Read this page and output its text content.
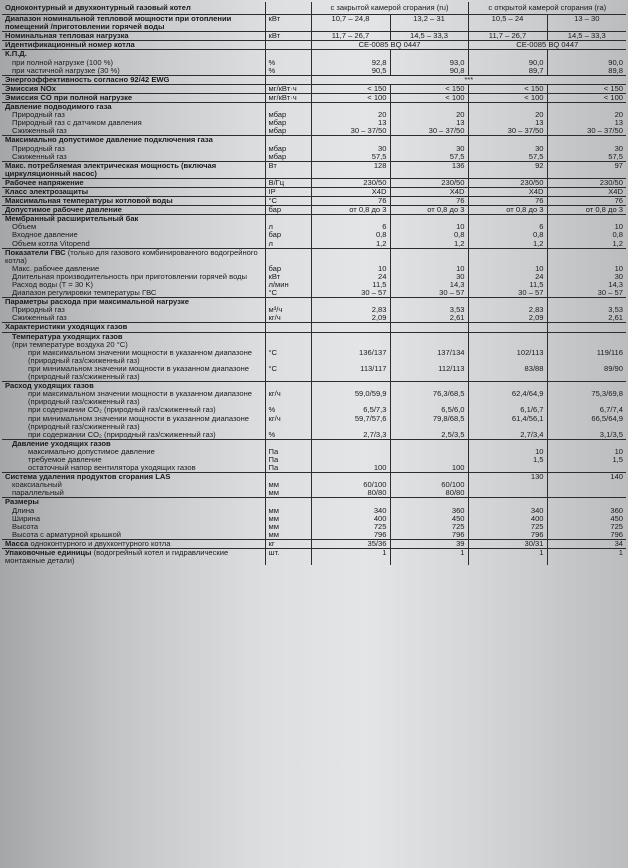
Одноконтурный и двухконтурный газовый котел		с закрытой камерой сгорания (ru)		с открытой камерой сгорания (ra)	
Диапазон номинальной тепловой мощности при отоплении помещений /приготовлении горячей воды	кВт	10,7 – 24,8	13,2 – 31	10,5 – 24	13 – 30
Номинальная тепловая нагрузка	кВт	11,7 – 26,7	14,5 – 33,3	11,7 – 26,7	14,5 – 33,3
Идентификационный номер котла		CE-0085 BQ 0447		CE-0085 BQ 0447	
К.П.Д.					
при полной нагрузке (100 %)	%	92,8	93,0	90,0	90,0
при частичной нагрузке (30 %)	%	90,5	90,8	89,7	89,8
Энергоэффективность согласно 92/42 EWG		***			
Эмиссия NOx	мг/кВт·ч	< 150	< 150	< 150	< 150
Эмиссия CO при полной нагрузке	мг/кВт·ч	< 100	< 100	< 100	< 100
Давление подводимого газа					
Природный газ	мбар	20	20	20	20
Природный газ с датчиком давления	мбар	13	13	13	13
Сжиженный газ	мбар	30 – 37/50	30 – 37/50	30 – 37/50	30 – 37/50
Максимально допустимое давление подключения газа					
Природный газ	мбар	30	30	30	30
Сжиженный газ	мбар	57,5	57,5	57,5	57,5
Макс. потребляемая электрическая мощность (включая циркуляционный насос)	Вт	128	136	92	97
Рабочее напряжение	В/Гц	230/50	230/50	230/50	230/50
Класс электрозащиты	IP	X4D	X4D	X4D	X4D
Максимальная температуры котловой воды	°C	76	76	76	76
Допустимое рабочее давление	бар	от 0,8 до 3	от 0,8 до 3	от 0,8 до 3	от 0,8 до 3
Мембранный расширительный бак					
Объем	л	6	10	6	10
Входное давление	бар	0,8	0,8	0,8	0,8
Объем котла Vitopend	л	1,2	1,2	1,2	1,2
Показатели ГВС (только для газового комбинированного водогрейного котла)					
Макс. рабочее давление	бар	10	10	10	10
Длительная производительность при приготовлении горячей воды	кВт	24	30	24	30
Расход воды (T = 30 K)	л/мин	11,5	14,3	11,5	14,3
Диапазон регулировки температуры ГВС	°C	30 – 57	30 – 57	30 – 57	30 – 57
Параметры расхода при максимальной нагрузке					
Природный газ	м³/ч	2,83	3,53	2,83	3,53
Сжиженный газ	кг/ч	2,09	2,61	2,09	2,61
Характеристики уходящих газов					
Температура уходящих газов					
(при температуре воздуха 20 °C)					
при максимальном значении мощности в указанном диапазоне (природный газ/сжиженный газ)	°C	136/137	137/134	102/113	119/116
при минимальном значении мощности в указанном диапазоне (природный газ/сжиженный газ)	°C	113/117	112/113	83/88	89/90
Расход уходящих газов					
при максимальном значении мощности в указанном диапазоне (природный газ/сжиженный газ)	кг/ч	59,0/59,9	76,3/68,5	62,4/64,9	75,3/69,8
при содержании CO₂ (природный газ/сжиженный газ)	%	6,5/7,3	6,5/6,0	6,1/6,7	6,7/7,4
при минимальном значении мощности в указанном диапазоне (природный газ/сжиженный газ)	кг/ч	59,7/57,6	79,8/68,5	61,4/56,1	66,5/64,9
при содержании CO₂ (природный газ/сжиженный газ)	%	2,7/3,3	2,5/3,5	2,7/3,4	3,1/3,5
Давление уходящих газов					
максимально допустимое давление	Па			10	10
требуемое давление	Па			1,5	1,5
остаточный напор вентилятора уходящих газов	Па	100	100		
Система удаления продуктов сгорания LAS				130	140
коаксиальный	мм	60/100	60/100		
параллельный	мм	80/80	80/80		
Размеры					
Длина	мм	340	360	340	360
Ширина	мм	400	450	400	450
Высота	мм	725	725	725	725
Высота с арматурной крышкой	мм	796	796	796	796
Масса одноконтурного и двухконтурного котла	кг	35/36	39	30/31	34
Упаковочные единицы (водогрейный котел и гидравлические монтажные детали)	шт.	1	1	1	1
